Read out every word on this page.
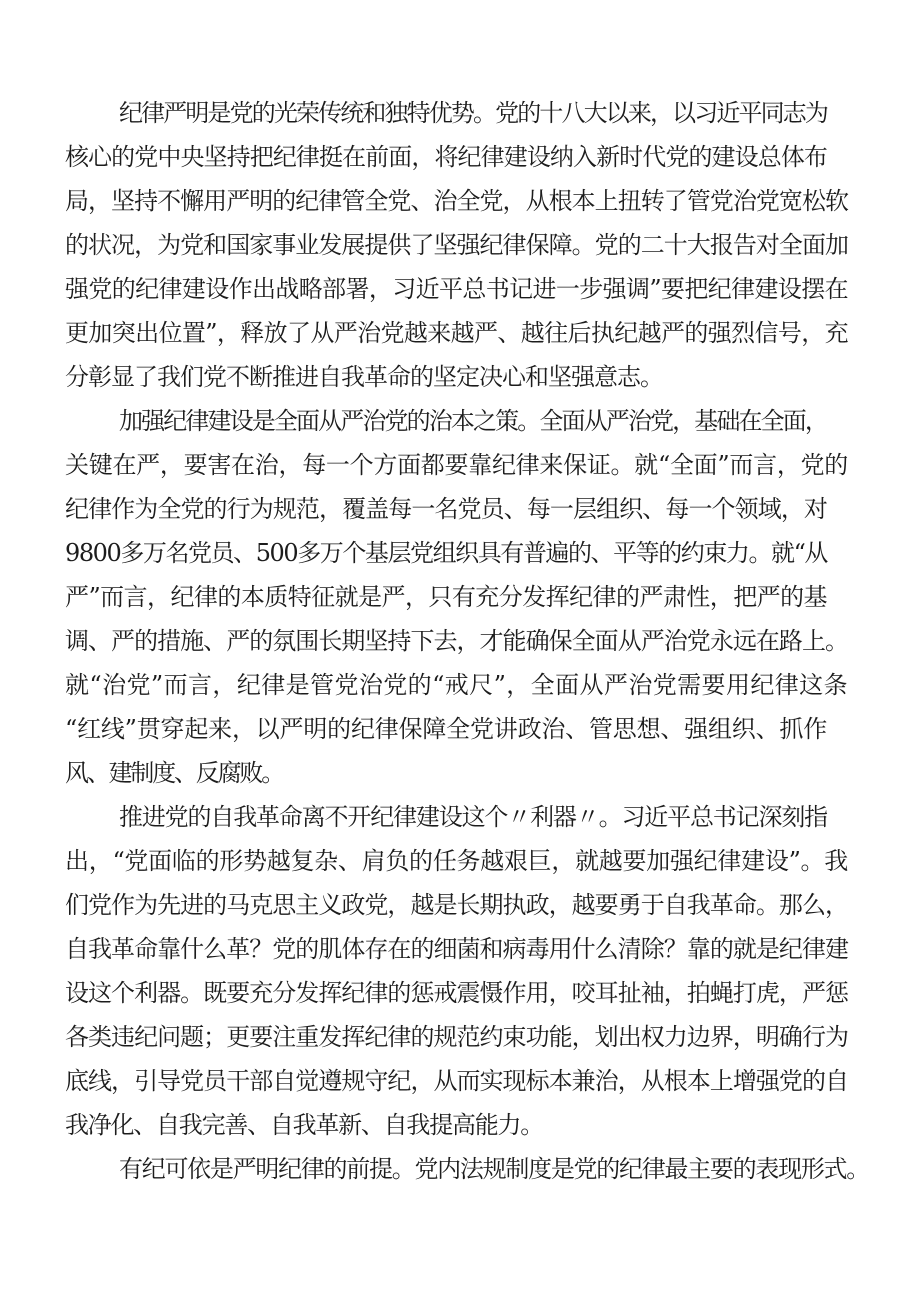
纪律严明是党的光荣传统和独特优势。党的十八大以来，以习近平同志为
核心的党中央坚持把纪律挺在前面，将纪律建设纳入新时代党的建设总体布
局，坚持不懈用严明的纪律管全党、治全党，从根本上扭转了管党治党宽松软
的状况，为党和国家事业发展提供了坚强纪律保障。党的二十大报告对全面加
强党的纪律建设作出战略部署，习近平总书记进一步强调”要把纪律建设摆在
更加突出位置”，释放了从严治党越来越严、越往后执纪越严的强烈信号，充
分彰显了我们党不断推进自我革命的坚定决心和坚强意志。
加强纪律建设是全面从严治党的治本之策。全面从严治党，基础在全面，
关键在严，要害在治，每一个方面都要靠纪律来保证。就“全面”而言，党的
纪律作为全党的行为规范，覆盖每一名党员、每一层组织、每一个领域，对
9800多万名党员、500多万个基层党组织具有普遍的、平等的约束力。就“从
严”而言，纪律的本质特征就是严，只有充分发挥纪律的严肃性，把严的基
调、严的措施、严的氛围长期坚持下去，才能确保全面从严治党永远在路上。
就“治党”而言，纪律是管党治党的“戒尺”，全面从严治党需要用纪律这条
“红线”贯穿起来，以严明的纪律保障全党讲政治、管思想、强组织、抓作
风、建制度、反腐败。
推进党的自我革命离不开纪律建设这个〃利器〃。习近平总书记深刻指
出，“党面临的形势越复杂、肩负的任务越艰巨，就越要加强纪律建设”。我
们党作为先进的马克思主义政党，越是长期执政，越要勇于自我革命。那么，
自我革命靠什么革？党的肌体存在的细菌和病毒用什么清除？靠的就是纪律建
设这个利器。既要充分发挥纪律的惩戒震慑作用，咬耳扯袖，拍蝇打虎，严惩
各类违纪问题；更要注重发挥纪律的规范约束功能，划出权力边界，明确行为
底线，引导党员干部自觉遵规守纪，从而实现标本兼治，从根本上增强党的自
我净化、自我完善、自我革新、自我提高能力。
有纪可依是严明纪律的前提。党内法规制度是党的纪律最主要的表现形式。
